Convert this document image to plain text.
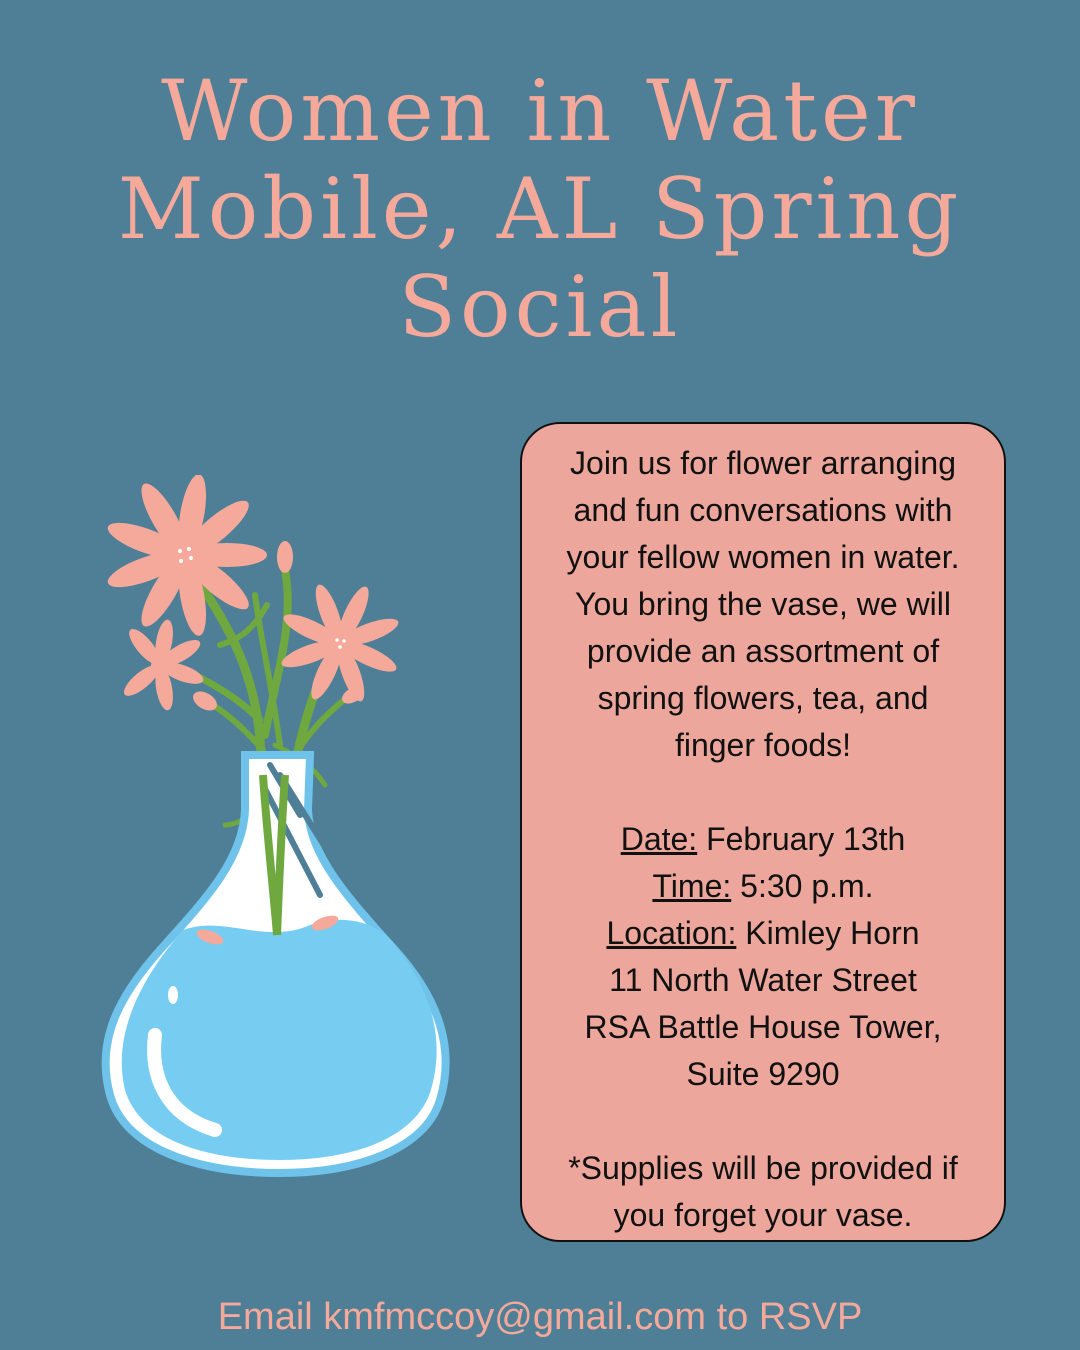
Women in Water
Mobile, AL Spring
Social
Join us for flower arranging
and fun conversations with
your fellow women in water.
You bring the vase, we will
provide an assortment of
spring flowers, tea, and
finger foods!
Date: February 13th
Time: 5:30 p.m.
Location: Kimley Horn
11 North Water Street
RSA Battle House Tower,
Suite 9290
*Supplies will be provided if
you forget your vase.
Email kmfmccoy@gmail.com to RSVP
